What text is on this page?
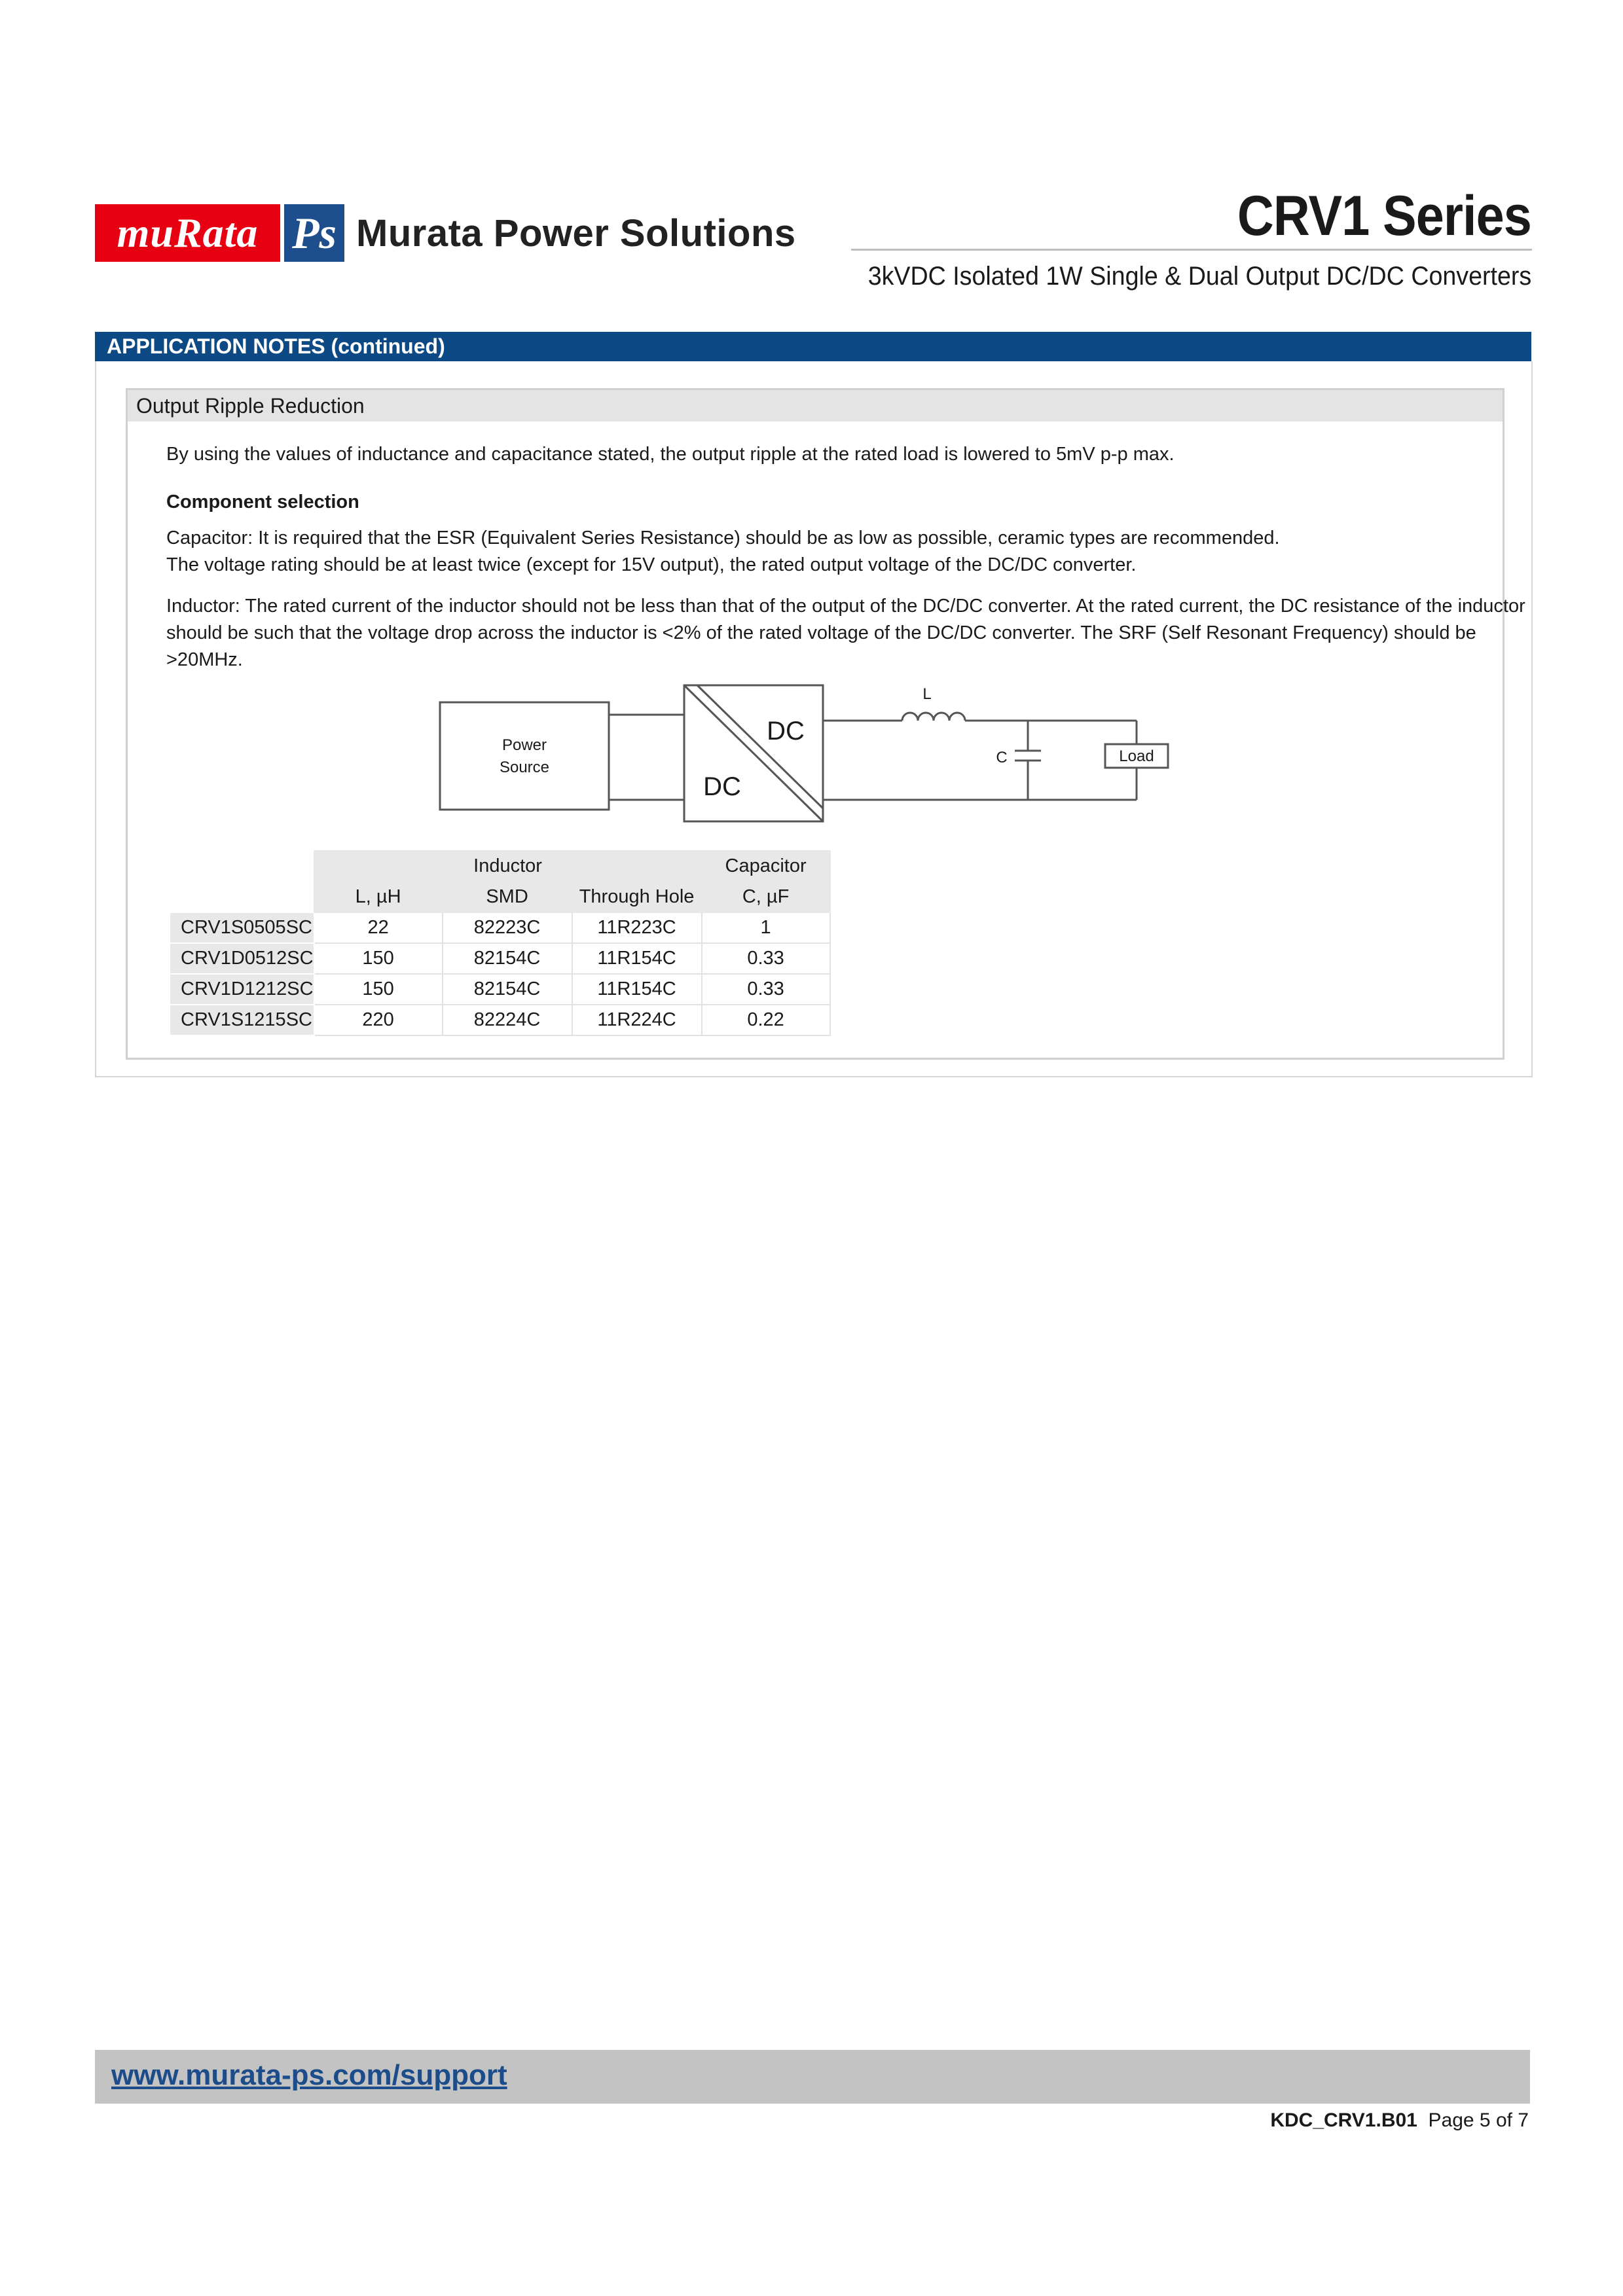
muRata Ps Murata Power Solutions	CRV1 Series
3kVDC Isolated 1W Single & Dual Output DC/DC Converters
APPLICATION NOTES (continued)
Output Ripple Reduction
By using the values of inductance and capacitance stated, the output ripple at the rated load is lowered to 5mV p-p max.
Component selection
Capacitor: It is required that the ESR (Equivalent Series Resistance) should be as low as possible, ceramic types are recommended.
The voltage rating should be at least twice (except for 15V output), the rated output voltage of the DC/DC converter.
Inductor: The rated current of the inductor should not be less than that of the output of the DC/DC converter. At the rated current, the DC resistance of the inductor
should be such that the voltage drop across the inductor is <2% of the rated voltage of the DC/DC converter. The SRF (Self Resonant Frequency) should be
>20MHz.
Power
Source
DC
DC
L
C	Load
		Inductor		Capacitor
	L, µH	SMD	Through Hole	C, µF
CRV1S0505SC	22	82223C	11R223C	1
CRV1D0512SC	150	82154C	11R154C	0.33
CRV1D1212SC	150	82154C	11R154C	0.33
CRV1S1215SC	220	82224C	11R224C	0.22
www.murata-ps.com/support
KDC_CRV1.B01 Page 5 of 7
